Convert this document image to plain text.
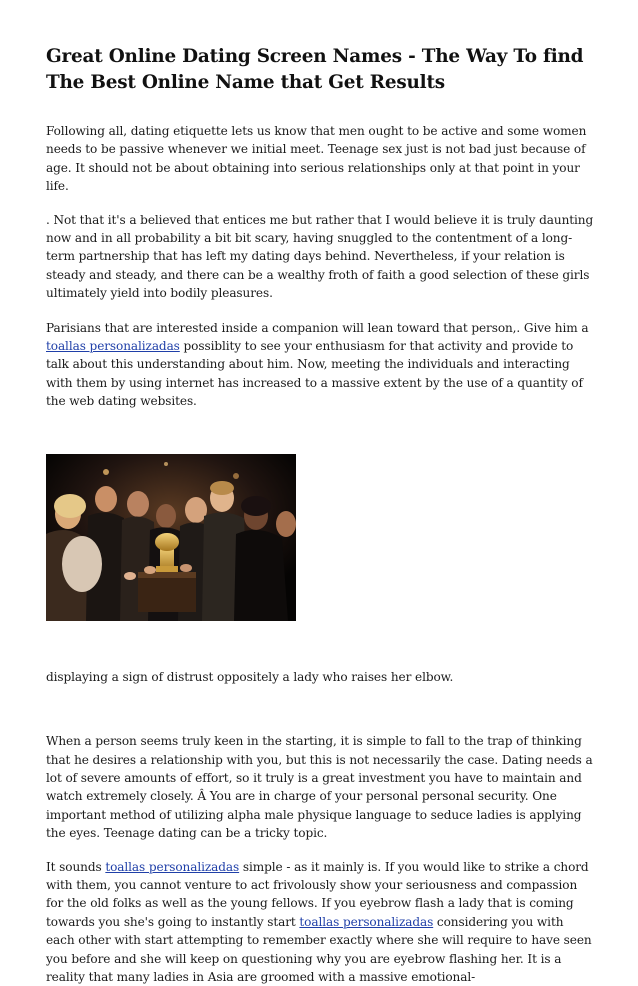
Great Online Dating Screen Names - The Way To find The Best Online Name that Get Results

Following all, dating etiquette lets us know that men ought to be active and some women needs to be passive whenever we initial meet. Teenage sex just is not bad just because of age. It should not be about obtaining into serious relationships only at that point in your life.

. Not that it's a believed that entices me but rather that I would believe it is truly daunting now and in all probability a bit bit scary, having snuggled to the contentment of a long-term partnership that has left my dating days behind. Nevertheless, if your relation is steady and steady, and there can be a wealthy froth of faith a good selection of these girls ultimately yield into bodily pleasures.

Parisians that are interested inside a companion will lean toward that person,. Give him a toallas personalizadas possiblity to see your enthusiasm for that activity and provide to talk about this understanding about him. Now, meeting the individuals and interacting with them by using internet has increased to a massive extent by the use of a quantity of the web dating websites.

displaying a sign of distrust oppositely a lady who raises her elbow.

When a person seems truly keen in the starting, it is simple to fall to the trap of thinking that he desires a relationship with you, but this is not necessarily the case. Dating needs a lot of severe amounts of effort, so it truly is a great investment you have to maintain and watch extremely closely. Â You are in charge of your personal personal security. One important method of utilizing alpha male physique language to seduce ladies is applying the eyes. Teenage dating can be a tricky topic.

It sounds toallas personalizadas simple - as it mainly is. If you would like to strike a chord with them, you cannot venture to act frivolously show your seriousness and compassion for the old folks as well as the young fellows. If you eyebrow flash a lady that is coming towards you she's going to instantly start toallas personalizadas considering you with each other with start attempting to remember exactly where she will require to have seen you before and she will keep on questioning why you are eyebrow flashing her. It is a reality that many ladies in Asia are groomed with a massive emotional-
